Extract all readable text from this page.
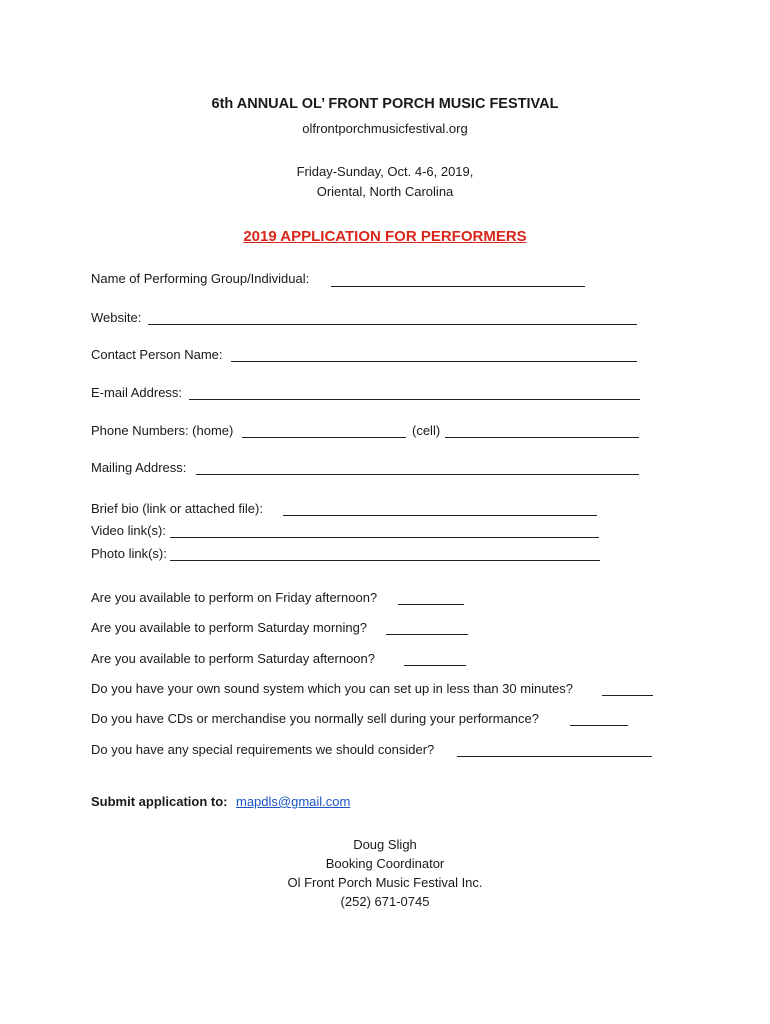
6th ANNUAL OL’ FRONT PORCH MUSIC FESTIVAL
olfrontporchmusicfestival.org
Friday-Sunday, Oct. 4-6, 2019,
Oriental, North Carolina
2019 APPLICATION FOR PERFORMERS
Name of Performing Group/Individual:
Website:
Contact Person Name:
E-mail Address:
Phone Numbers: (home)	(cell)
Mailing Address:
Brief bio (link or attached file):
Video link(s):
Photo link(s):
Are you available to perform on Friday afternoon?
Are you available to perform Saturday morning?
Are you available to perform Saturday afternoon?
Do you have your own sound system which you can set up in less than 30 minutes?
Do you have CDs or merchandise you normally sell during your performance?
Do you have any special requirements we should consider?
Submit application to: mapdls@gmail.com
Doug Sligh
Booking Coordinator
Ol Front Porch Music Festival Inc.
(252) 671-0745
